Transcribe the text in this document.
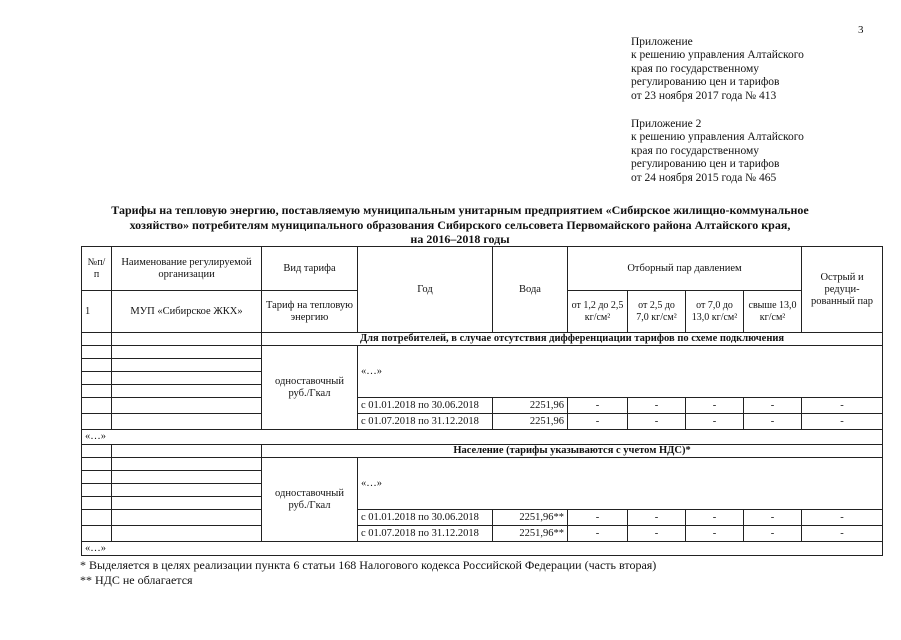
3
Приложение
к решению управления Алтайского
края по государственному
регулированию цен и тарифов
от 23 ноября 2017 года № 413
Приложение 2
к решению управления Алтайского
края по государственному
регулированию цен и тарифов
от 24 ноября 2015 года № 465
Тарифы на тепловую энергию, поставляемую муниципальным унитарным предприятием «Сибирское жилищно-коммунальное
хозяйство» потребителям муниципального образования Сибирского сельсовета Первомайского района Алтайского края,
на 2016–2018 годы
№п/п	Наименование регулируемой организации	Вид тарифа	Год	Вода	Отборный пар давлением				Острый и редуци-рованный пар
1	МУП «Сибирское ЖКХ»	Тариф на тепловую энергию			от 1,2 до 2,5 кг/см²	от 2,5 до 7,0 кг/см²	от 7,0 до 13,0 кг/см²	свыше 13,0 кг/см²	
		Для потребителей, в случае отсутствия дифференциации тарифов по схеме подключения							
		одноставочный руб./Гкал	«…»						

			с 01.01.2018 по 30.06.2018	2251,96	-	-	-	-	-
			с 01.07.2018 по 31.12.2018	2251,96	-	-	-	-	-
«…»									
		Население (тарифы указываются с учетом НДС)*							
		одноставочный руб./Гкал	«…»						

			с 01.01.2018 по 30.06.2018	2251,96**	-	-	-	-	-
			с 01.07.2018 по 31.12.2018	2251,96**	-	-	-	-	-
«…»									
* Выделяется в целях реализации пункта 6 статьи 168 Налогового кодекса Российской Федерации (часть вторая)
** НДС не облагается
